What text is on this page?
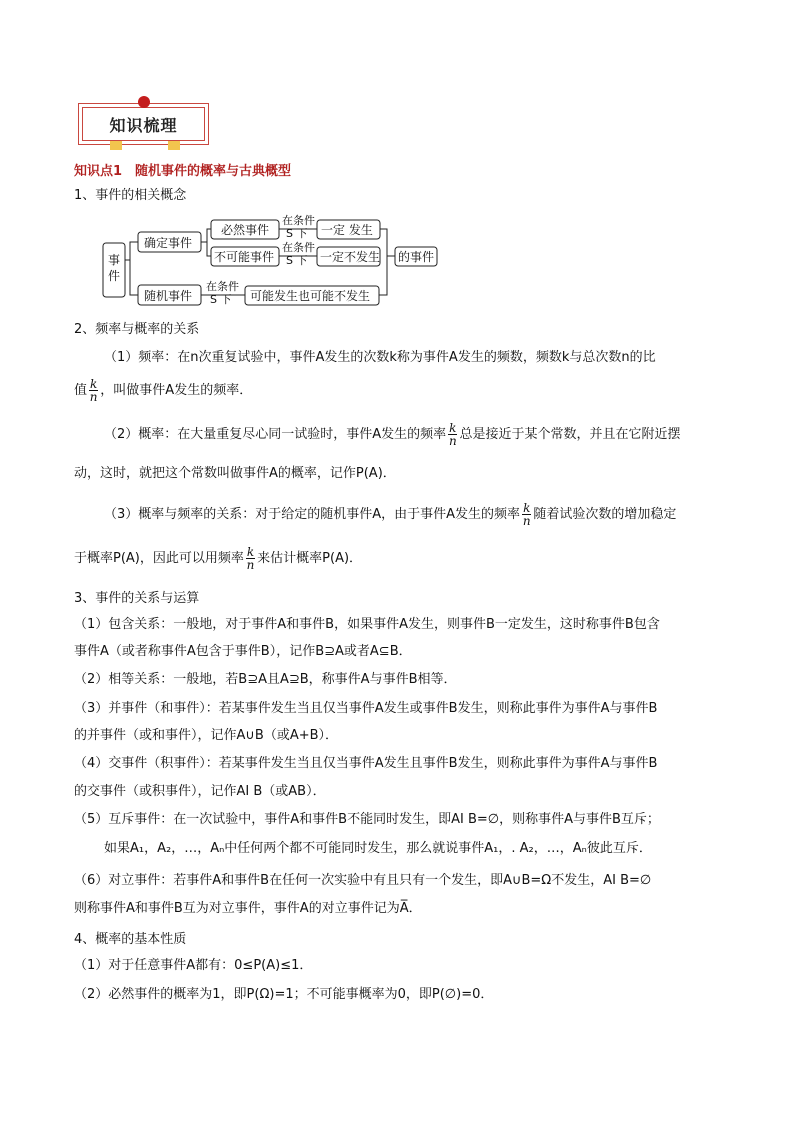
知识梳理
知识点1　随机事件的概率与古典概型
1、事件的相关概念
事
件
确定事件
必然事件
不可能事件
随机事件
在条件
S 下
在条件
S 下
在条件
S 下
一定 发生
一定不发生
可能发生也可能不发生
的事件
2、频率与概率的关系
（1）频率：在n次重复试验中，事件A发生的次数k称为事件A发生的频数，频数k与总次数n的比
值 $\frac{k}{n}$ ，叫做事件A发生的频率．
（2）概率：在大量重复尽心同一试验时，事件A发生的频率 $\frac{k}{n}$ 总是接近于某个常数，并且在它附近摆
动，这时，就把这个常数叫做事件A的概率，记作P(A)．
（3）概率与频率的关系：对于给定的随机事件A，由于事件A发生的频率 $\frac{k}{n}$ 随着试验次数的增加稳定
于概率P(A)，因此可以用频率 $\frac{k}{n}$ 来估计概率P(A)．
3、事件的关系与运算
（1）包含关系：一般地，对于事件A和事件B，如果事件A发生，则事件B一定发生，这时称事件B包含
事件A（或者称事件A包含于事件B），记作B⊇A或者A⊆B．
（2）相等关系：一般地，若B⊇A且A⊇B，称事件A与事件B相等．
（3）并事件（和事件）：若某事件发生当且仅当事件A发生或事件B发生，则称此事件为事件A与事件B
的并事件（或和事件），记作A∪B（或A+B）．
（4）交事件（积事件）：若某事件发生当且仅当事件A发生且事件B发生，则称此事件为事件A与事件B
的交事件（或积事件），记作AI B（或AB）．
（5）互斥事件：在一次试验中，事件A和事件B不能同时发生，即AI B=∅，则称事件A与事件B互斥；
如果A₁，A₂，…，Aₙ中任何两个都不可能同时发生，那么就说事件A₁，. A₂，…，Aₙ彼此互斥．
（6）对立事件：若事件A和事件B在任何一次实验中有且只有一个发生，即A∪B=Ω不发生，AI B=∅
则称事件A和事件B互为对立事件，事件A的对立事件记为A̅．
4、概率的基本性质
（1）对于任意事件A都有：0≤P(A)≤1．
（2）必然事件的概率为1，即P(Ω)=1；不可能事概率为0，即P(∅)=0．
